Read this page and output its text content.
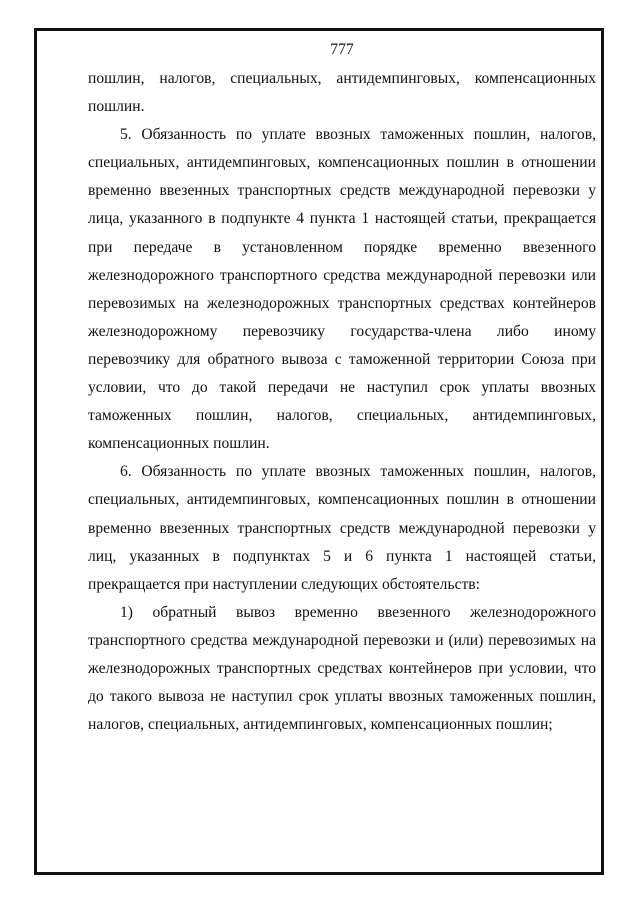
777

пошлин, налогов, специальных, антидемпинговых, компенсационных пошлин.

5. Обязанность по уплате ввозных таможенных пошлин, налогов, специальных, антидемпинговых, компенсационных пошлин в отношении временно ввезенных транспортных средств международной перевозки у лица, указанного в подпункте 4 пункта 1 настоящей статьи, прекращается при передаче в установленном порядке временно ввезенного железнодорожного транспортного средства международной перевозки или перевозимых на железнодорожных транспортных средствах контейнеров железнодорожному перевозчику государства-члена либо иному перевозчику для обратного вывоза с таможенной территории Союза при условии, что до такой передачи не наступил срок уплаты ввозных таможенных пошлин, налогов, специальных, антидемпинговых, компенсационных пошлин.

6. Обязанность по уплате ввозных таможенных пошлин, налогов, специальных, антидемпинговых, компенсационных пошлин в отношении временно ввезенных транспортных средств международной перевозки у лиц, указанных в подпунктах 5 и 6 пункта 1 настоящей статьи, прекращается при наступлении следующих обстоятельств:

1) обратный вывоз временно ввезенного железнодорожного транспортного средства международной перевозки и (или) перевозимых на железнодорожных транспортных средствах контейнеров при условии, что до такого вывоза не наступил срок уплаты ввозных таможенных пошлин, налогов, специальных, антидемпинговых, компенсационных пошлин;
